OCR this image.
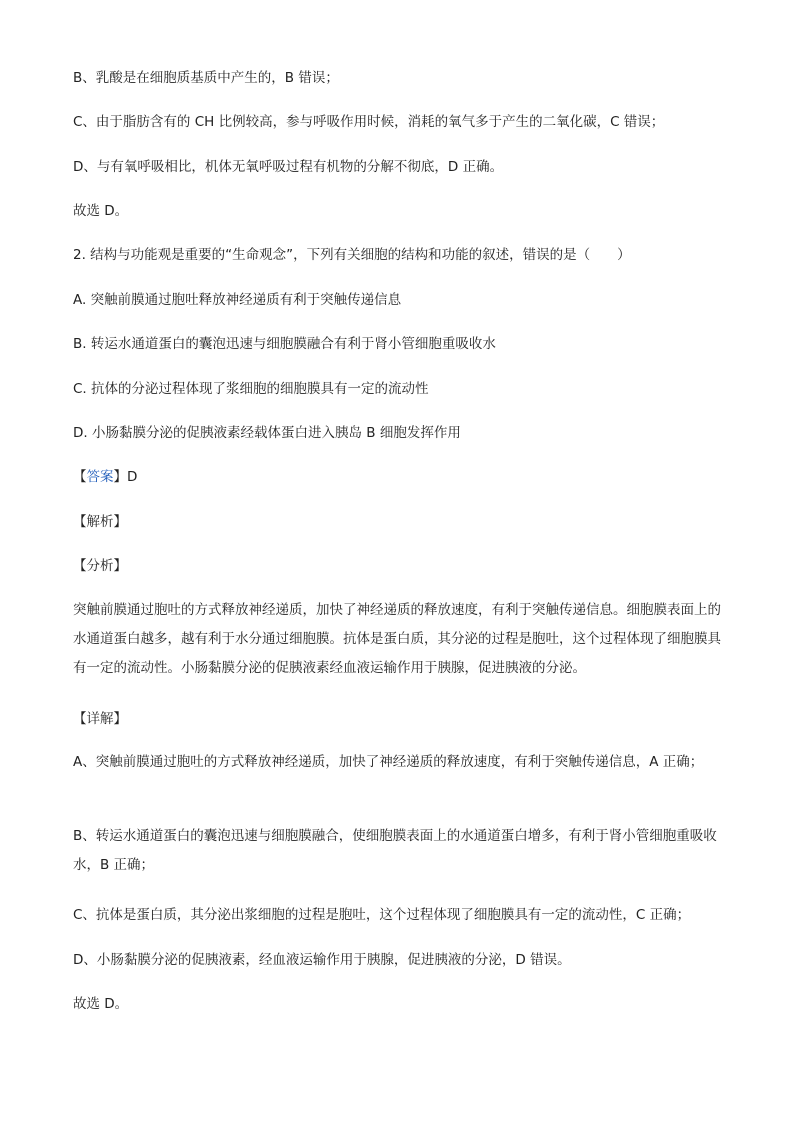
B、乳酸是在细胞质基质中产生的，B 错误；
C、由于脂肪含有的 CH 比例较高，参与呼吸作用时候，消耗的氧气多于产生的二氧化碳，C 错误；
D、与有氧呼吸相比，机体无氧呼吸过程有机物的分解不彻底，D 正确。
故选 D。
2. 结构与功能观是重要的“生命观念”，下列有关细胞的结构和功能的叙述，错误的是（　　）
A. 突触前膜通过胞吐释放神经递质有利于突触传递信息
B. 转运水通道蛋白的囊泡迅速与细胞膜融合有利于肾小管细胞重吸收水
C. 抗体的分泌过程体现了浆细胞的细胞膜具有一定的流动性
D. 小肠黏膜分泌的促胰液素经载体蛋白进入胰岛 B 细胞发挥作用
【答案】D
【解析】
【分析】
突触前膜通过胞吐的方式释放神经递质，加快了神经递质的释放速度，有利于突触传递信息。细胞膜表面上的水通道蛋白越多，越有利于水分通过细胞膜。抗体是蛋白质，其分泌的过程是胞吐，这个过程体现了细胞膜具有一定的流动性。小肠黏膜分泌的促胰液素经血液运输作用于胰腺，促进胰液的分泌。
【详解】
A、突触前膜通过胞吐的方式释放神经递质，加快了神经递质的释放速度，有利于突触传递信息，A 正确；
B、转运水通道蛋白的囊泡迅速与细胞膜融合，使细胞膜表面上的水通道蛋白增多，有利于肾小管细胞重吸收水，B 正确；
C、抗体是蛋白质，其分泌出浆细胞的过程是胞吐，这个过程体现了细胞膜具有一定的流动性，C 正确；
D、小肠黏膜分泌的促胰液素，经血液运输作用于胰腺，促进胰液的分泌，D 错误。
故选 D。
